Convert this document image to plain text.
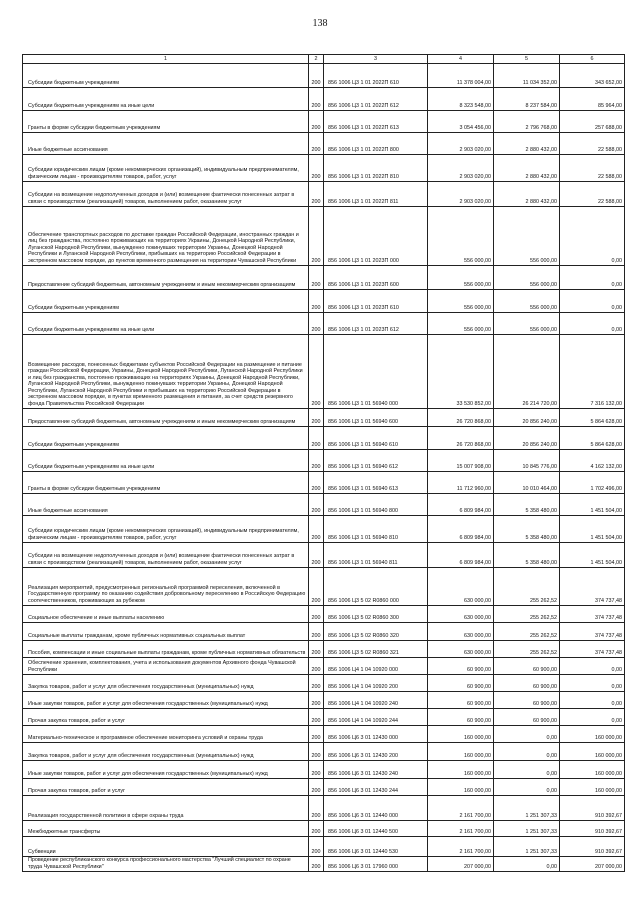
138
1	2	3	4	5	6

Субсидии бюджетным учреждениям	200	856 1006 Ц3 1 01 2022П 610	11 378 004,00	11 034 352,00	343 652,00

Субсидии бюджетным учреждениям на иные цели	200	856 1006 Ц3 1 01 2022П 612	8 323 548,00	8 237 584,00	85 964,00

Гранты в форме субсидии бюджетным учреждениям	200	856 1006 Ц3 1 01 2022П 613	3 054 456,00	2 796 768,00	257 688,00

Иные бюджетные ассигнования	200	856 1006 Ц3 1 01 2022П 800	2 903 020,00	2 880 432,00	22 588,00

Субсидии юридическим лицам (кроме некоммерческих организаций), индивидуальным предпринимателям, физическим лицам - производителям товаров, работ, услуг	200	856 1006 Ц3 1 01 2022П 810	2 903 020,00	2 880 432,00	22 588,00

Субсидии на возмещение недополученных доходов и (или) возмещение фактически понесенных затрат в связи с производством (реализацией) товаров, выполнением работ, оказанием услуг	200	856 1006 Ц3 1 01 2022П 811	2 903 020,00	2 880 432,00	22 588,00

Обеспечение транспортных расходов по доставке граждан Российской Федерации, иностранных граждан и лиц без гражданства, постоянно проживающих на территориях Украины, Донецкой Народной Республики, Луганской Народной Республики, вынужденно покинувших территории Украины, Донецкой Народной Республики и Луганской Народной Республики, прибывших на территорию Российской Федерации в экстренном массовом порядке, до пунктов временного размещения на территории Чувашской Республики	200	856 1006 Ц3 1 01 2023П 000	556 000,00	556 000,00	0,00

Предоставление субсидий бюджетным, автономным учреждениям и иным некоммерческим организациям	200	856 1006 Ц3 1 01 2023П 600	556 000,00	556 000,00	0,00

Субсидии бюджетным учреждениям	200	856 1006 Ц3 1 01 2023П 610	556 000,00	556 000,00	0,00

Субсидии бюджетным учреждениям на иные цели	200	856 1006 Ц3 1 01 2023П 612	556 000,00	556 000,00	0,00

Возмещение расходов, понесенных бюджетами субъектов Российской Федерации на размещение и питание граждан Российской Федерации, Украины, Донецкой Народной Республики, Луганской Народной Республики и лиц без гражданства, постоянно проживающих на территориях Украины, Донецкой Народной Республики, Луганской Народной Республики, вынужденно покинувших территории Украины, Донецкой Народной Республики, Луганской Народной Республики и прибывших на территорию Российской Федерации в экстренном массовом порядке, в пунктах временного размещения и питания, за счет средств резервного фонда Правительства Российской Федерации	200	856 1006 Ц3 1 01 56940 000	33 530 852,00	26 214 720,00	7 316 132,00

Предоставление субсидий бюджетным, автономным учреждениям и иным некоммерческим организациям	200	856 1006 Ц3 1 01 56940 600	26 720 868,00	20 856 240,00	5 864 628,00

Субсидии бюджетным учреждениям	200	856 1006 Ц3 1 01 56940 610	26 720 868,00	20 856 240,00	5 864 628,00

Субсидии бюджетным учреждениям на иные цели	200	856 1006 Ц3 1 01 56940 612	15 007 908,00	10 845 776,00	4 162 132,00

Гранты в форме субсидии бюджетным учреждениям	200	856 1006 Ц3 1 01 56940 613	11 712 960,00	10 010 464,00	1 702 496,00

Иные бюджетные ассигнования	200	856 1006 Ц3 1 01 56940 800	6 809 984,00	5 358 480,00	1 451 504,00

Субсидии юридическим лицам (кроме некоммерческих организаций), индивидуальным предпринимателям, физическим лицам - производителям товаров, работ, услуг	200	856 1006 Ц3 1 01 56940 810	6 809 984,00	5 358 480,00	1 451 504,00

Субсидии на возмещение недополученных доходов и (или) возмещение фактически понесенных затрат в связи с производством (реализацией) товаров, выполнением работ, оказанием услуг	200	856 1006 Ц3 1 01 56940 811	6 809 984,00	5 358 480,00	1 451 504,00

Реализация мероприятий, предусмотренных региональной программой переселения, включенной в Государственную программу по оказанию содействия добровольному переселению в Российскую Федерацию соотечественников, проживающих за рубежом	200	856 1006 Ц3 5 02 R0860 000	630 000,00	255 262,52	374 737,48

Социальное обеспечение и иные выплаты населению	200	856 1006 Ц3 5 02 R0860 300	630 000,00	255 262,52	374 737,48

Социальные выплаты гражданам, кроме публичных нормативных социальных выплат	200	856 1006 Ц3 5 02 R0860 320	630 000,00	255 262,52	374 737,48

Пособия, компенсации и иные социальные выплаты гражданам, кроме публичных нормативных обязательств	200	856 1006 Ц3 5 02 R0860 321	630 000,00	255 262,52	374 737,48

Обеспечение хранения, комплектования, учета и использования документов Архивного фонда Чувашской Республики	200	856 1006 Ц4 1 04 10920 000	60 900,00	60 900,00	0,00

Закупка товаров, работ и услуг для обеспечения государственных (муниципальных) нужд	200	856 1006 Ц4 1 04 10920 200	60 900,00	60 900,00	0,00

Иные закупки товаров, работ и услуг для обеспечения государственных (муниципальных) нужд	200	856 1006 Ц4 1 04 10920 240	60 900,00	60 900,00	0,00

Прочая закупка товаров, работ и услуг	200	856 1006 Ц4 1 04 10920 244	60 900,00	60 900,00	0,00

Материально-техническое и программное обеспечение мониторинга условий и охраны труда	200	856 1006 Ц6 3 01 12430 000	160 000,00	0,00	160 000,00

Закупка товаров, работ и услуг для обеспечения государственных (муниципальных) нужд	200	856 1006 Ц6 3 01 12430 200	160 000,00	0,00	160 000,00

Иные закупки товаров, работ и услуг для обеспечения государственных (муниципальных) нужд	200	856 1006 Ц6 3 01 12430 240	160 000,00	0,00	160 000,00

Прочая закупка товаров, работ и услуг	200	856 1006 Ц6 3 01 12430 244	160 000,00	0,00	160 000,00

Реализация государственной политики в сфере охраны труда	200	856 1006 Ц6 3 01 12440 000	2 161 700,00	1 251 307,33	910 392,67

Межбюджетные трансферты	200	856 1006 Ц6 3 01 12440 500	2 161 700,00	1 251 307,33	910 392,67

Субвенции	200	856 1006 Ц6 3 01 12440 530	2 161 700,00	1 251 307,33	910 392,67

Проведение республиканского конкурса профессионального мастерства "Лучший специалист по охране труда Чувашской Республики"	200	856 1006 Ц6 3 01 17960 000	207 000,00	0,00	207 000,00
